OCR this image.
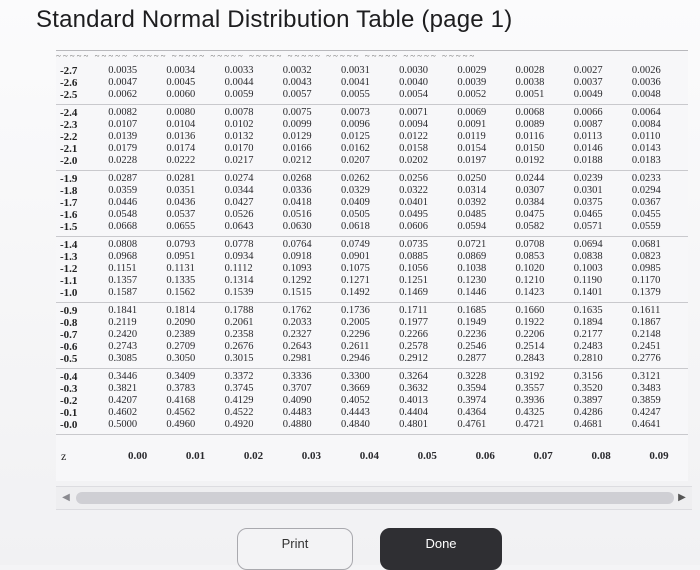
Standard Normal Distribution Table (page 1)
~~~~~ ~~~~~ ~~~~~ ~~~~~ ~~~~~ ~~~~~ ~~~~~ ~~~~~ ~~~~~ ~~~~~ ~~~~~
-2.7	0.0035	0.0034	0.0033	0.0032	0.0031	0.0030	0.0029	0.0028	0.0027	0.0026
-2.6	0.0047	0.0045	0.0044	0.0043	0.0041	0.0040	0.0039	0.0038	0.0037	0.0036
-2.5	0.0062	0.0060	0.0059	0.0057	0.0055	0.0054	0.0052	0.0051	0.0049	0.0048
-2.4	0.0082	0.0080	0.0078	0.0075	0.0073	0.0071	0.0069	0.0068	0.0066	0.0064
-2.3	0.0107	0.0104	0.0102	0.0099	0.0096	0.0094	0.0091	0.0089	0.0087	0.0084
-2.2	0.0139	0.0136	0.0132	0.0129	0.0125	0.0122	0.0119	0.0116	0.0113	0.0110
-2.1	0.0179	0.0174	0.0170	0.0166	0.0162	0.0158	0.0154	0.0150	0.0146	0.0143
-2.0	0.0228	0.0222	0.0217	0.0212	0.0207	0.0202	0.0197	0.0192	0.0188	0.0183
-1.9	0.0287	0.0281	0.0274	0.0268	0.0262	0.0256	0.0250	0.0244	0.0239	0.0233
-1.8	0.0359	0.0351	0.0344	0.0336	0.0329	0.0322	0.0314	0.0307	0.0301	0.0294
-1.7	0.0446	0.0436	0.0427	0.0418	0.0409	0.0401	0.0392	0.0384	0.0375	0.0367
-1.6	0.0548	0.0537	0.0526	0.0516	0.0505	0.0495	0.0485	0.0475	0.0465	0.0455
-1.5	0.0668	0.0655	0.0643	0.0630	0.0618	0.0606	0.0594	0.0582	0.0571	0.0559
-1.4	0.0808	0.0793	0.0778	0.0764	0.0749	0.0735	0.0721	0.0708	0.0694	0.0681
-1.3	0.0968	0.0951	0.0934	0.0918	0.0901	0.0885	0.0869	0.0853	0.0838	0.0823
-1.2	0.1151	0.1131	0.1112	0.1093	0.1075	0.1056	0.1038	0.1020	0.1003	0.0985
-1.1	0.1357	0.1335	0.1314	0.1292	0.1271	0.1251	0.1230	0.1210	0.1190	0.1170
-1.0	0.1587	0.1562	0.1539	0.1515	0.1492	0.1469	0.1446	0.1423	0.1401	0.1379
-0.9	0.1841	0.1814	0.1788	0.1762	0.1736	0.1711	0.1685	0.1660	0.1635	0.1611
-0.8	0.2119	0.2090	0.2061	0.2033	0.2005	0.1977	0.1949	0.1922	0.1894	0.1867
-0.7	0.2420	0.2389	0.2358	0.2327	0.2296	0.2266	0.2236	0.2206	0.2177	0.2148
-0.6	0.2743	0.2709	0.2676	0.2643	0.2611	0.2578	0.2546	0.2514	0.2483	0.2451
-0.5	0.3085	0.3050	0.3015	0.2981	0.2946	0.2912	0.2877	0.2843	0.2810	0.2776
-0.4	0.3446	0.3409	0.3372	0.3336	0.3300	0.3264	0.3228	0.3192	0.3156	0.3121
-0.3	0.3821	0.3783	0.3745	0.3707	0.3669	0.3632	0.3594	0.3557	0.3520	0.3483
-0.2	0.4207	0.4168	0.4129	0.4090	0.4052	0.4013	0.3974	0.3936	0.3897	0.3859
-0.1	0.4602	0.4562	0.4522	0.4483	0.4443	0.4404	0.4364	0.4325	0.4286	0.4247
-0.0	0.5000	0.4960	0.4920	0.4880	0.4840	0.4801	0.4761	0.4721	0.4681	0.4641
z	0.00	0.01	0.02	0.03	0.04	0.05	0.06	0.07	0.08	0.09
◀	▶
Print	Done
